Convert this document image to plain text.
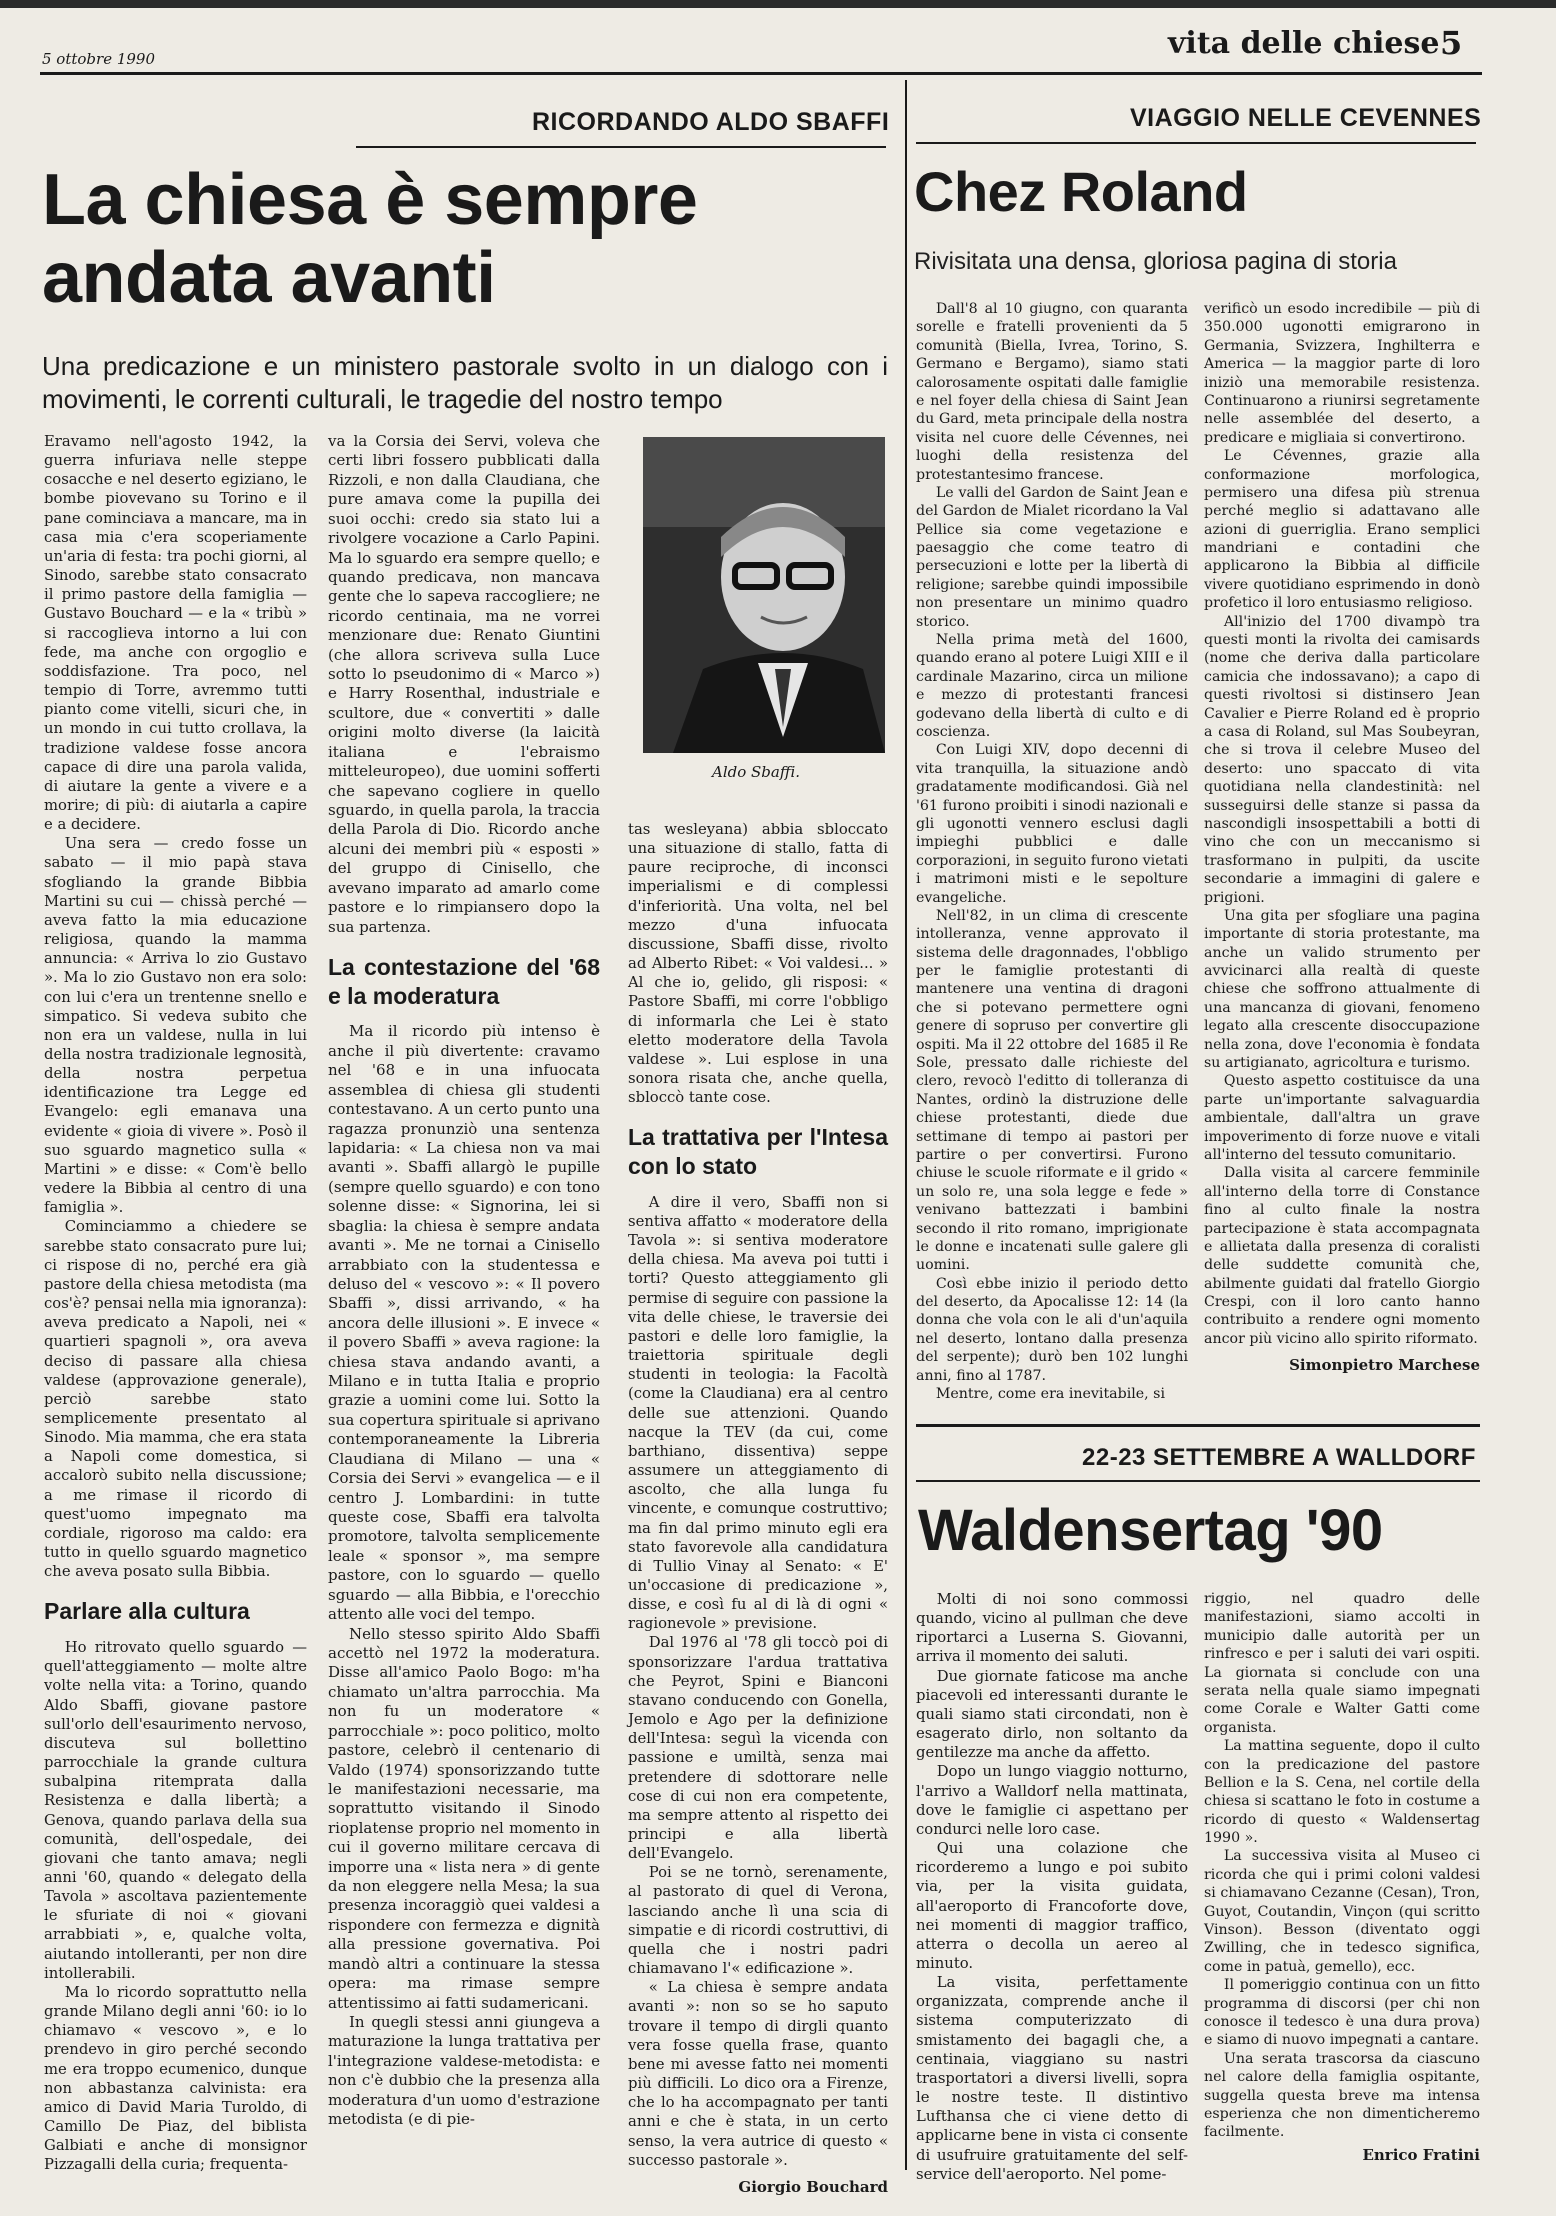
5 ottobre 1990	vita delle chiese 5
RICORDANDO ALDO SBAFFI
La chiesa è sempre
andata avanti
Una predicazione e un ministero pastorale svolto in un dialogo con i movimenti, le correnti culturali, le tragedie del nostro tempo
Aldo Sbaffi.

Eravamo nell'agosto 1942, la guerra infuriava nelle steppe cosacche e nel deserto egiziano, le bombe piovevano su Torino e il pane cominciava a mancare, ma in casa mia c'era scoperiamente un'aria di festa: tra pochi giorni, al Sinodo, sarebbe stato consacrato il primo pastore della famiglia — Gustavo Bouchard — e la « tribù » si raccoglieva intorno a lui con fede, ma anche con orgoglio e soddisfazione. Tra poco, nel tempio di Torre, avremmo tutti pianto come vitelli, sicuri che, in un mondo in cui tutto crollava, la tradizione valdese fosse ancora capace di dire una parola valida, di aiutare la gente a vivere e a morire; di più: di aiutarla a capire e a decidere.

Una sera — credo fosse un sabato — il mio papà stava sfogliando la grande Bibbia Martini su cui — chissà perché — aveva fatto la mia educazione religiosa, quando la mamma annuncia: « Arriva lo zio Gustavo ». Ma lo zio Gustavo non era solo: con lui c'era un trentenne snello e simpatico. Si vedeva subito che non era un valdese, nulla in lui della nostra tradizionale legnosità, della nostra perpetua identificazione tra Legge ed Evangelo: egli emanava una evidente « gioia di vivere ». Posò il suo sguardo magnetico sulla « Martini » e disse: « Com'è bello vedere la Bibbia al centro di una famiglia ».

Cominciammo a chiedere se sarebbe stato consacrato pure lui; ci rispose di no, perché era già pastore della chiesa metodista (ma cos'è? pensai nella mia ignoranza): aveva predicato a Napoli, nei « quartieri spagnoli », ora aveva deciso di passare alla chiesa valdese (approvazione generale), perciò sarebbe stato semplicemente presentato al Sinodo. Mia mamma, che era stata a Napoli come domestica, si accalorò subito nella discussione; a me rimase il ricordo di quest'uomo impegnato ma cordiale, rigoroso ma caldo: era tutto in quello sguardo magnetico che aveva posato sulla Bibbia.

Parlare alla cultura

Ho ritrovato quello sguardo — quell'atteggiamento — molte altre volte nella vita: a Torino, quando Aldo Sbaffi, giovane pastore sull'orlo dell'esaurimento nervoso, discuteva sul bollettino parrocchiale la grande cultura subalpina ritemprata dalla Resistenza e dalla libertà; a Genova, quando parlava della sua comunità, dell'ospedale, dei giovani che tanto amava; negli anni '60, quando « delegato della Tavola » ascoltava pazientemente le sfuriate di noi « giovani arrabbiati », e, qualche volta, aiutando intolleranti, per non dire intollerabili.

Ma lo ricordo soprattutto nella grande Milano degli anni '60: io lo chiamavo « vescovo », e lo prendevo in giro perché secondo me era troppo ecumenico, dunque non abbastanza calvinista: era amico di David Maria Turoldo, di Camillo De Piaz, del biblista Galbiati e anche di monsignor Pizzagalli della curia; frequenta-

va la Corsia dei Servi, voleva che certi libri fossero pubblicati dalla Rizzoli, e non dalla Claudiana, che pure amava come la pupilla dei suoi occhi: credo sia stato lui a rivolgere vocazione a Carlo Papini. Ma lo sguardo era sempre quello; e quando predicava, non mancava gente che lo sapeva raccogliere; ne ricordo centinaia, ma ne vorrei menzionare due: Renato Giuntini (che allora scriveva sulla Luce sotto lo pseudonimo di « Marco ») e Harry Rosenthal, industriale e scultore, due « convertiti » dalle origini molto diverse (la laicità italiana e l'ebraismo mitteleuropeo), due uomini sofferti che sapevano cogliere in quello sguardo, in quella parola, la traccia della Parola di Dio. Ricordo anche alcuni dei membri più « esposti » del gruppo di Cinisello, che avevano imparato ad amarlo come pastore e lo rimpiansero dopo la sua partenza.

La contestazione del '68 e la moderatura

Ma il ricordo più intenso è anche il più divertente: cravamo nel '68 e in una infuocata assemblea di chiesa gli studenti contestavano. A un certo punto una ragazza pronunziò una sentenza lapidaria: « La chiesa non va mai avanti ». Sbaffi allargò le pupille (sempre quello sguardo) e con tono solenne disse: « Signorina, lei si sbaglia: la chiesa è sempre andata avanti ». Me ne tornai a Cinisello arrabbiato con la studentessa e deluso del « vescovo »: « Il povero Sbaffi », dissi arrivando, « ha ancora delle illusioni ». E invece « il povero Sbaffi » aveva ragione: la chiesa stava andando avanti, a Milano e in tutta Italia e proprio grazie a uomini come lui. Sotto la sua copertura spirituale si aprivano contemporaneamente la Libreria Claudiana di Milano — una « Corsia dei Servi » evangelica — e il centro J. Lombardini: in tutte queste cose, Sbaffi era talvolta promotore, talvolta semplicemente leale « sponsor », ma sempre pastore, con lo sguardo — quello sguardo — alla Bibbia, e l'orecchio attento alle voci del tempo.

Nello stesso spirito Aldo Sbaffi accettò nel 1972 la moderatura. Disse all'amico Paolo Bogo: m'ha chiamato un'altra parrocchia. Ma non fu un moderatore « parrocchiale »: poco politico, molto pastore, celebrò il centenario di Valdo (1974) sponsorizzando tutte le manifestazioni necessarie, ma soprattutto visitando il Sinodo rioplatense proprio nel momento in cui il governo militare cercava di imporre una « lista nera » di gente da non eleggere nella Mesa; la sua presenza incoraggiò quei valdesi a rispondere con fermezza e dignità alla pressione governativa. Poi mandò altri a continuare la stessa opera: ma rimase sempre attentissimo ai fatti sudamericani.

In quegli stessi anni giungeva a maturazione la lunga trattativa per l'integrazione valdese-metodista: e non c'è dubbio che la presenza alla moderatura d'un uomo d'estrazione metodista (e di pie-

tas wesleyana) abbia sbloccato una situazione di stallo, fatta di paure reciproche, di inconsci imperialismi e di complessi d'inferiorità. Una volta, nel bel mezzo d'una infuocata discussione, Sbaffi disse, rivolto ad Alberto Ribet: « Voi valdesi... » Al che io, gelido, gli risposi: « Pastore Sbaffi, mi corre l'obbligo di informarla che Lei è stato eletto moderatore della Tavola valdese ». Lui esplose in una sonora risata che, anche quella, sbloccò tante cose.

La trattativa per l'Intesa con lo stato

A dire il vero, Sbaffi non si sentiva affatto « moderatore della Tavola »: si sentiva moderatore della chiesa. Ma aveva poi tutti i torti? Questo atteggiamento gli permise di seguire con passione la vita delle chiese, le traversie dei pastori e delle loro famiglie, la traiettoria spirituale degli studenti in teologia: la Facoltà (come la Claudiana) era al centro delle sue attenzioni. Quando nacque la TEV (da cui, come barthiano, dissentiva) seppe assumere un atteggiamento di ascolto, che alla lunga fu vincente, e comunque costruttivo; ma fin dal primo minuto egli era stato favorevole alla candidatura di Tullio Vinay al Senato: « E' un'occasione di predicazione », disse, e così fu al di là di ogni « ragionevole » previsione.

Dal 1976 al '78 gli toccò poi di sponsorizzare l'ardua trattativa che Peyrot, Spini e Bianconi stavano conducendo con Gonella, Jemolo e Ago per la definizione dell'Intesa: seguì la vicenda con passione e umiltà, senza mai pretendere di sdottorare nelle cose di cui non era competente, ma sempre attento al rispetto dei principi e alla libertà dell'Evangelo.

Poi se ne tornò, serenamente, al pastorato di quel di Verona, lasciando anche lì una scia di simpatie e di ricordi costruttivi, di quella che i nostri padri chiamavano l'« edificazione ».

« La chiesa è sempre andata avanti »: non so se ho saputo trovare il tempo di dirgli quanto vera fosse quella frase, quanto bene mi avesse fatto nei momenti più difficili. Lo dico ora a Firenze, che lo ha accompagnato per tanti anni e che è stata, in un certo senso, la vera autrice di questo « successo pastorale ».

Giorgio Bouchard
VIAGGIO NELLE CEVENNES
Chez Roland
Rivisitata una densa, gloriosa pagina di storia

Dall'8 al 10 giugno, con quaranta sorelle e fratelli provenienti da 5 comunità (Biella, Ivrea, Torino, S. Germano e Bergamo), siamo stati calorosamente ospitati dalle famiglie e nel foyer della chiesa di Saint Jean du Gard, meta principale della nostra visita nel cuore delle Cévennes, nei luoghi della resistenza del protestantesimo francese.

Le valli del Gardon de Saint Jean e del Gardon de Mialet ricordano la Val Pellice sia come vegetazione e paesaggio che come teatro di persecuzioni e lotte per la libertà di religione; sarebbe quindi impossibile non presentare un minimo quadro storico.

Nella prima metà del 1600, quando erano al potere Luigi XIII e il cardinale Mazarino, circa un milione e mezzo di protestanti francesi godevano della libertà di culto e di coscienza.

Con Luigi XIV, dopo decenni di vita tranquilla, la situazione andò gradatamente modificandosi. Già nel '61 furono proibiti i sinodi nazionali e gli ugonotti vennero esclusi dagli impieghi pubblici e dalle corporazioni, in seguito furono vietati i matrimoni misti e le sepolture evangeliche.

Nell'82, in un clima di crescente intolleranza, venne approvato il sistema delle dragonnades, l'obbligo per le famiglie protestanti di mantenere una ventina di dragoni che si potevano permettere ogni genere di sopruso per convertire gli ospiti. Ma il 22 ottobre del 1685 il Re Sole, pressato dalle richieste del clero, revocò l'editto di tolleranza di Nantes, ordinò la distruzione delle chiese protestanti, diede due settimane di tempo ai pastori per partire o per convertirsi. Furono chiuse le scuole riformate e il grido « un solo re, una sola legge e fede » venivano battezzati i bambini secondo il rito romano, imprigionate le donne e incatenati sulle galere gli uomini.

Così ebbe inizio il periodo detto del deserto, da Apocalisse 12: 14 (la donna che vola con le ali d'un'aquila nel deserto, lontano dalla presenza del serpente); durò ben 102 lunghi anni, fino al 1787.

Mentre, come era inevitabile, si

verificò un esodo incredibile — più di 350.000 ugonotti emigrarono in Germania, Svizzera, Inghilterra e America — la maggior parte di loro iniziò una memorabile resistenza. Continuarono a riunirsi segretamente nelle assemblée del deserto, a predicare e migliaia si convertirono.

Le Cévennes, grazie alla conformazione morfologica, permisero una difesa più strenua perché meglio si adattavano alle azioni di guerriglia. Erano semplici mandriani e contadini che applicarono la Bibbia al difficile vivere quotidiano esprimendo in donò profetico il loro entusiasmo religioso.

All'inizio del 1700 divampò tra questi monti la rivolta dei camisards (nome che deriva dalla particolare camicia che indossavano); a capo di questi rivoltosi si distinsero Jean Cavalier e Pierre Roland ed è proprio a casa di Roland, sul Mas Soubeyran, che si trova il celebre Museo del deserto: uno spaccato di vita quotidiana nella clandestinità: nel susseguirsi delle stanze si passa da nascondigli insospettabili a botti di vino che con un meccanismo si trasformano in pulpiti, da uscite secondarie a immagini di galere e prigioni.

Una gita per sfogliare una pagina importante di storia protestante, ma anche un valido strumento per avvicinarci alla realtà di queste chiese che soffrono attualmente di una mancanza di giovani, fenomeno legato alla crescente disoccupazione nella zona, dove l'economia è fondata su artigianato, agricoltura e turismo.

Questo aspetto costituisce da una parte un'importante salvaguardia ambientale, dall'altra un grave impoverimento di forze nuove e vitali all'interno del tessuto comunitario.

Dalla visita al carcere femminile all'interno della torre di Constance fino al culto finale la nostra partecipazione è stata accompagnata e allietata dalla presenza di coralisti delle suddette comunità che, abilmente guidati dal fratello Giorgio Crespi, con il loro canto hanno contribuito a rendere ogni momento ancor più vicino allo spirito riformato.

Simonpietro Marchese
22-23 SETTEMBRE A WALLDORF
Waldensertag '90

Molti di noi sono commossi quando, vicino al pullman che deve riportarci a Luserna S. Giovanni, arriva il momento dei saluti.

Due giornate faticose ma anche piacevoli ed interessanti durante le quali siamo stati circondati, non è esagerato dirlo, non soltanto da gentilezze ma anche da affetto.

Dopo un lungo viaggio notturno, l'arrivo a Walldorf nella mattinata, dove le famiglie ci aspettano per condurci nelle loro case.

Qui una colazione che ricorderemo a lungo e poi subito via, per la visita guidata, all'aeroporto di Francoforte dove, nei momenti di maggior traffico, atterra o decolla un aereo al minuto.

La visita, perfettamente organizzata, comprende anche il sistema computerizzato di smistamento dei bagagli che, a centinaia, viaggiano su nastri trasportatori a diversi livelli, sopra le nostre teste. Il distintivo Lufthansa che ci viene detto di applicarne bene in vista ci consente di usufruire gratuitamente del self-service dell'aeroporto. Nel pome-

riggio, nel quadro delle manifestazioni, siamo accolti in municipio dalle autorità per un rinfresco e per i saluti dei vari ospiti. La giornata si conclude con una serata nella quale siamo impegnati come Corale e Walter Gatti come organista.

La mattina seguente, dopo il culto con la predicazione del pastore Bellion e la S. Cena, nel cortile della chiesa si scattano le foto in costume a ricordo di questo « Waldensertag 1990 ».

La successiva visita al Museo ci ricorda che qui i primi coloni valdesi si chiamavano Cezanne (Cesan), Tron, Guyot, Coutandin, Vinçon (qui scritto Vinson). Besson (diventato oggi Zwilling, che in tedesco significa, come in patuà, gemello), ecc.

Il pomeriggio continua con un fitto programma di discorsi (per chi non conosce il tedesco è una dura prova) e siamo di nuovo impegnati a cantare.

Una serata trascorsa da ciascuno nel calore della famiglia ospitante, suggella questa breve ma intensa esperienza che non dimenticheremo facilmente.

Enrico Fratini
